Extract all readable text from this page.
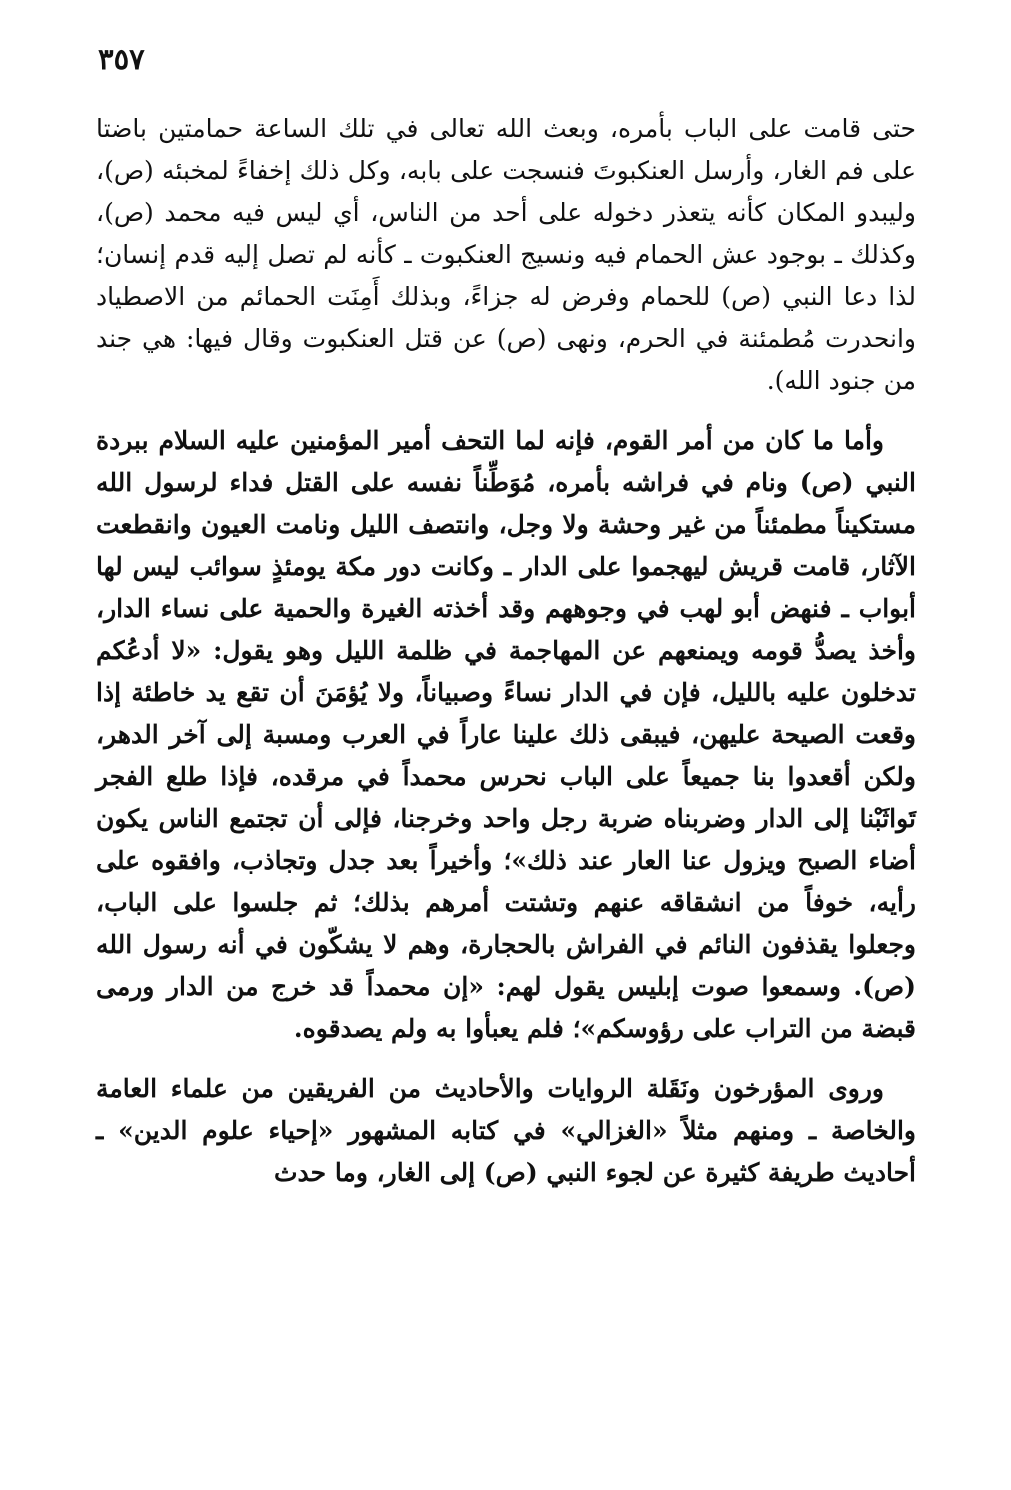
٣٥٧

حتى قامت على الباب بأمره، وبعث الله تعالى في تلك الساعة حمامتين باضتا على فم الغار، وأرسل العنكبوتَ فنسجت على بابه، وكل ذلك إخفاءً لمخبئه (ص)، وليبدو المكان كأنه يتعذر دخوله على أحد من الناس، أي ليس فيه محمد (ص)، وكذلك ـ بوجود عش الحمام فيه ونسيج العنكبوت ـ كأنه لم تصل إليه قدم إنسان؛ لذا دعا النبي (ص) للحمام وفرض له جزاءً، وبذلك أَمِنَت الحمائم من الاصطياد وانحدرت مُطمئنة في الحرم، ونهى (ص) عن قتل العنكبوت وقال فيها: هي جند من جنود الله).

وأما ما كان من أمر القوم، فإنه لما التحف أمير المؤمنين عليه السلام ببردة النبي (ص) ونام في فراشه بأمره، مُوَطِّناً نفسه على القتل فداء لرسول الله مستكيناً مطمئناً من غير وحشة ولا وجل، وانتصف الليل ونامت العيون وانقطعت الآثار، قامت قريش ليهجموا على الدار ـ وكانت دور مكة يومئذٍ سوائب ليس لها أبواب ـ فنهض أبو لهب في وجوههم وقد أخذته الغيرة والحمية على نساء الدار، وأخذ يصدُّ قومه ويمنعهم عن المهاجمة في ظلمة الليل وهو يقول: «لا أدعُكم تدخلون عليه بالليل، فإن في الدار نساءً وصبياناً، ولا يُؤمَنَ أن تقع يد خاطئة إذا وقعت الصيحة عليهن، فيبقى ذلك علينا عاراً في العرب ومسبة إلى آخر الدهر، ولكن أقعدوا بنا جميعاً على الباب نحرس محمداً في مرقده، فإذا طلع الفجر تَواثَبْنا إلى الدار وضربناه ضربة رجل واحد وخرجنا، فإلى أن تجتمع الناس يكون أضاء الصبح ويزول عنا العار عند ذلك»؛ وأخيراً بعد جدل وتجاذب، وافقوه على رأيه، خوفاً من انشقاقه عنهم وتشتت أمرهم بذلك؛ ثم جلسوا على الباب، وجعلوا يقذفون النائم في الفراش بالحجارة، وهم لا يشكّون في أنه رسول الله (ص). وسمعوا صوت إبليس يقول لهم: «إن محمداً قد خرج من الدار ورمى قبضة من التراب على رؤوسكم»؛ فلم يعبأوا به ولم يصدقوه.

وروى المؤرخون ونَقَلة الروايات والأحاديث من الفريقين من علماء العامة والخاصة ـ ومنهم مثلاً «الغزالي» في كتابه المشهور «إحياء علوم الدين» ـ أحاديث طريفة كثيرة عن لجوء النبي (ص) إلى الغار، وما حدث
